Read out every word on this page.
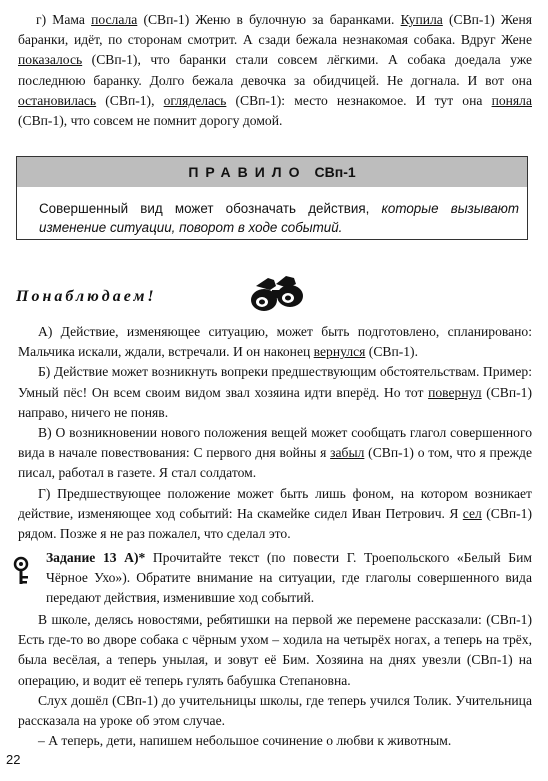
г) Мама послала (СВп-1) Женю в булочную за баранками. Купила (СВп-1) Женя баранки, идёт, по сторонам смотрит. А сзади бежала незнакомая собака. Вдруг Жене показалось (СВп-1), что баранки стали совсем лёгкими. А собака доедала уже последнюю баранку. Долго бежала девочка за обидчицей. Не догнала. И вот она остановилась (СВп-1), огляделась (СВп-1): место незнакомое. И тут она поняла (СВп-1), что совсем не помнит дорогу домой.

ПРАВИЛО СВп-1

Совершенный вид может обозначать действия, которые вызывают изменение ситуации, поворот в ходе событий.

Понаблюдаем!

А) Действие, изменяющее ситуацию, может быть подготовлено, спланировано: Мальчика искали, ждали, встречали. И он наконец вернулся (СВп-1).

Б) Действие может возникнуть вопреки предшествующим обстоятельствам. Пример: Умный пёс! Он всем своим видом звал хозяина идти вперёд. Но тот повернул (СВп-1) направо, ничего не поняв.

В) О возникновении нового положения вещей может сообщать глагол совершенного вида в начале повествования: С первого дня войны я забыл (СВп-1) о том, что я прежде писал, работал в газете. Я стал солдатом.

Г) Предшествующее положение может быть лишь фоном, на котором возникает действие, изменяющее ход событий: На скамейке сидел Иван Петрович. Я сел (СВп-1) рядом. Позже я не раз пожалел, что сделал это.

Задание 13 А)* Прочитайте текст (по повести Г. Троепольского «Белый Бим Чёрное Ухо»). Обратите внимание на ситуации, где глаголы совершенного вида передают действия, изменившие ход событий.

В школе, делясь новостями, ребятишки на первой же перемене рассказали: (СВп-1) Есть где-то во дворе собака с чёрным ухом – ходила на четырёх ногах, а теперь на трёх, была весёлая, а теперь унылая, и зовут её Бим. Хозяина на днях увезли (СВп-1) на операцию, и водит её теперь гулять бабушка Степановна.

Слух дошёл (СВп-1) до учительницы школы, где теперь учился Толик. Учительница рассказала на уроке об этом случае.

– А теперь, дети, напишем небольшое сочинение о любви к животным.

22
